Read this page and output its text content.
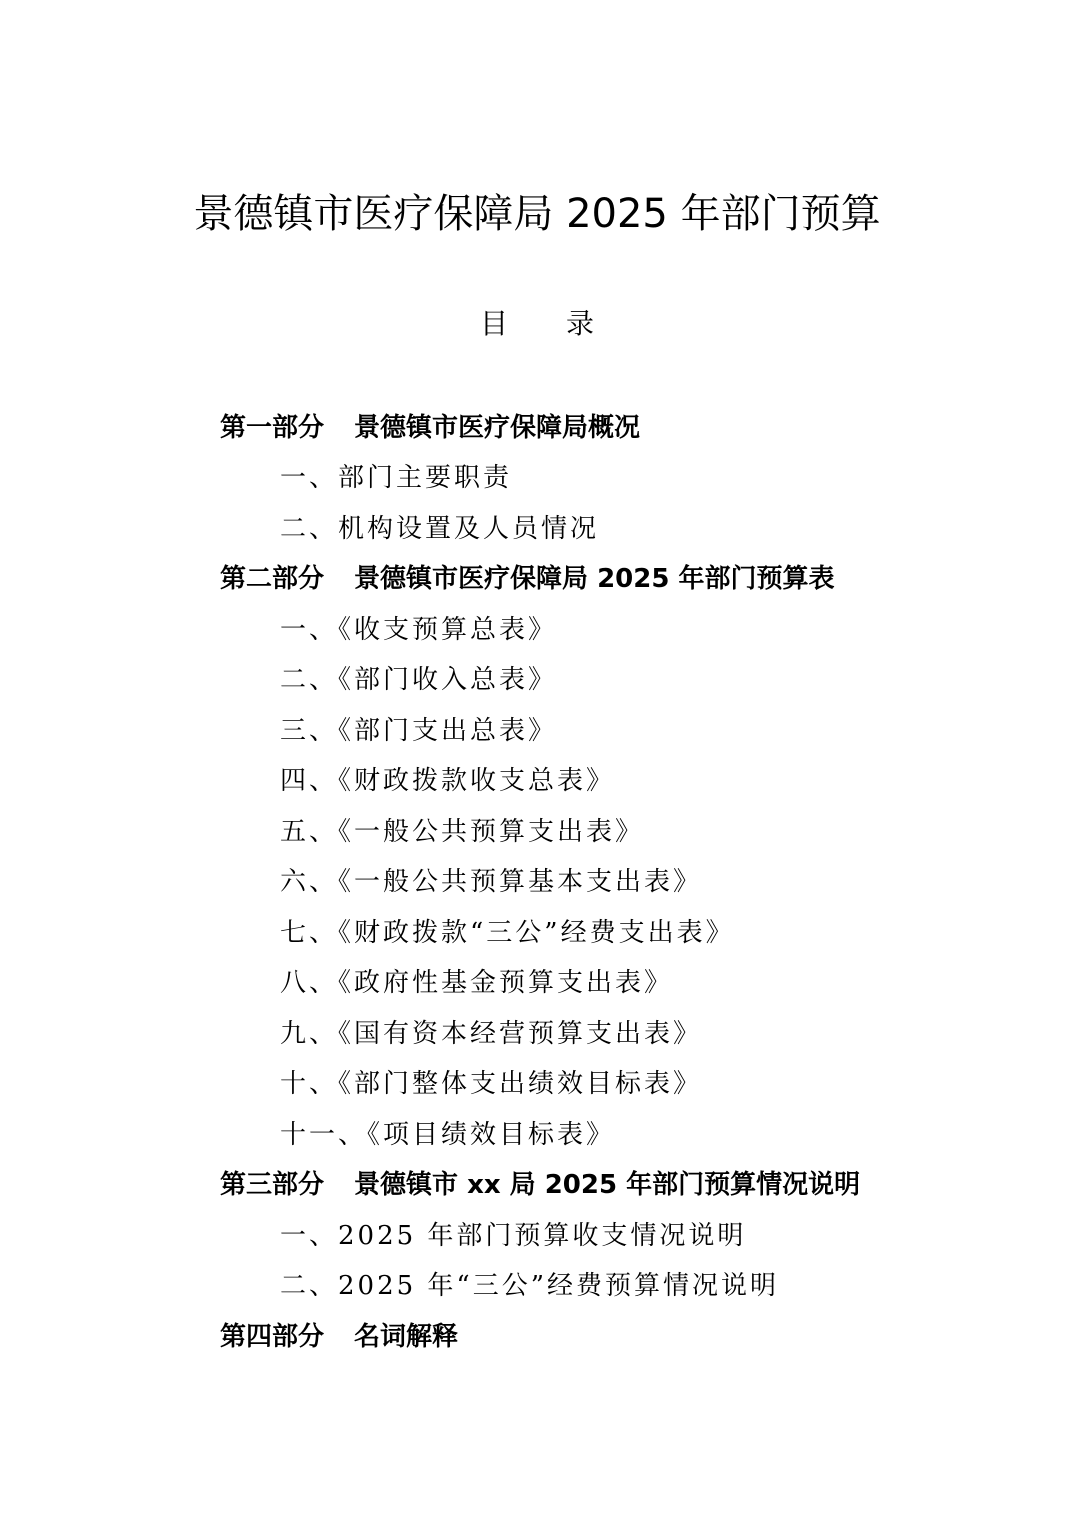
景德镇市医疗保障局 2025 年部门预算
目 录
第一部分 景德镇市医疗保障局概况
一、部门主要职责
二、机构设置及人员情况
第二部分 景德镇市医疗保障局 2025 年部门预算表
一、《收支预算总表》
二、《部门收入总表》
三、《部门支出总表》
四、《财政拨款收支总表》
五、《一般公共预算支出表》
六、《一般公共预算基本支出表》
七、《财政拨款“三公”经费支出表》
八、《政府性基金预算支出表》
九、《国有资本经营预算支出表》
十、《部门整体支出绩效目标表》
十一、《项目绩效目标表》
第三部分 景德镇市 xx 局 2025 年部门预算情况说明
一、2025 年部门预算收支情况说明
二、2025 年“三公”经费预算情况说明
第四部分 名词解释
